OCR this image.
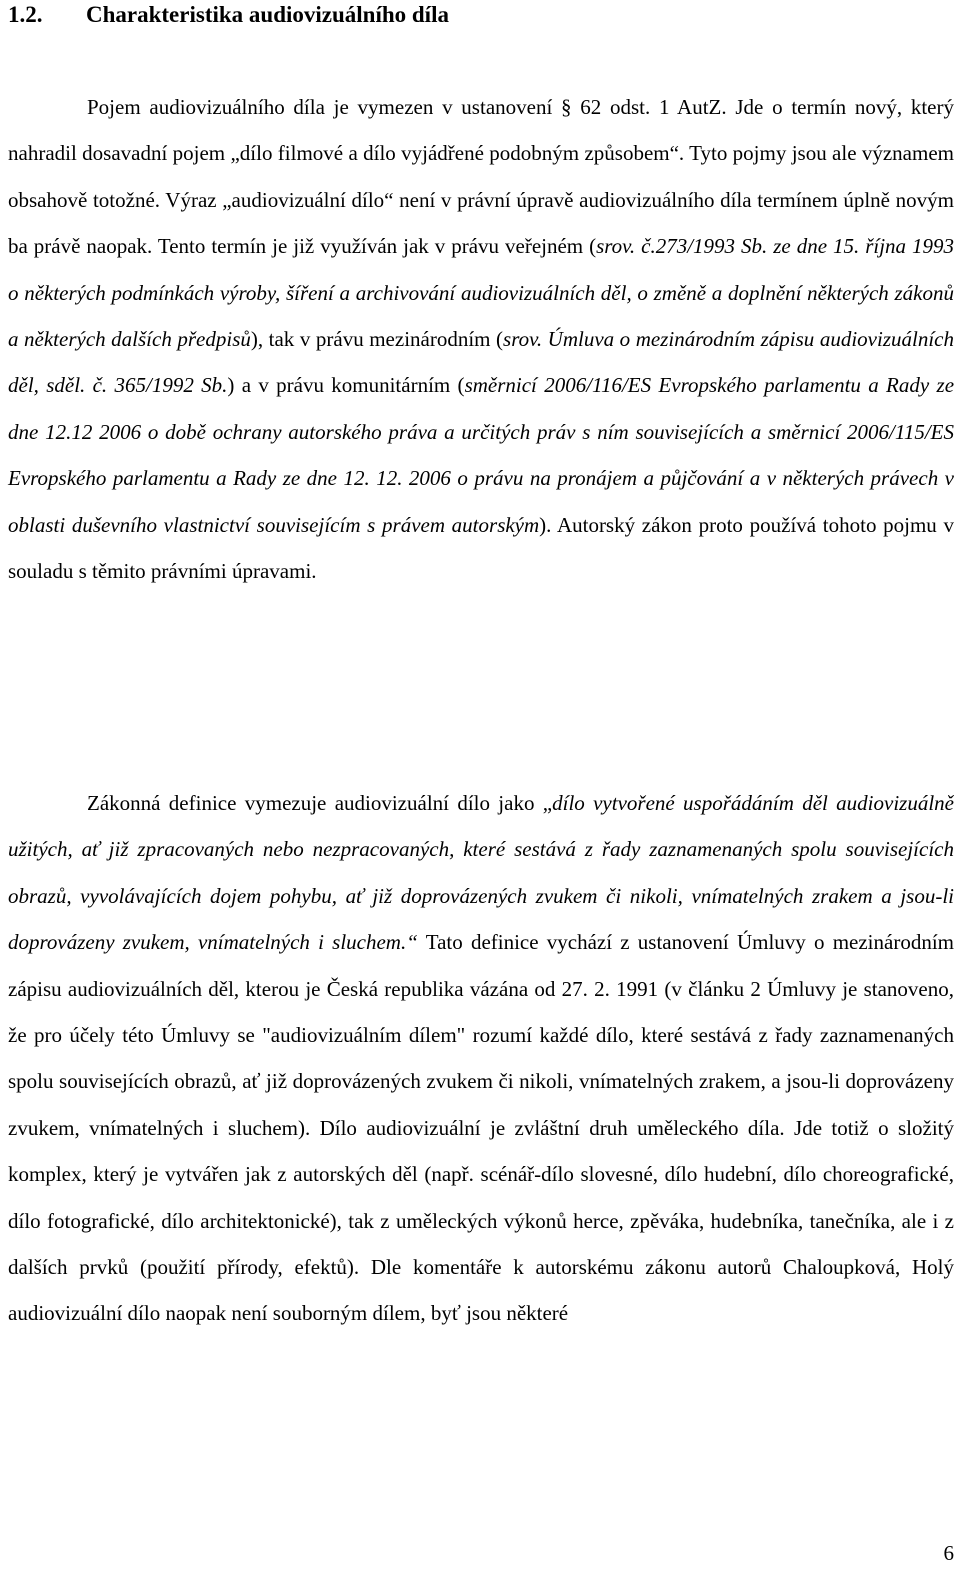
1.2. Charakteristika audiovizuálního díla

Pojem audiovizuálního díla je vymezen v ustanovení § 62 odst. 1 AutZ. Jde o termín nový, který nahradil dosavadní pojem „dílo filmové a dílo vyjádřené podobným způsobem“. Tyto pojmy jsou ale významem obsahově totožné. Výraz „audiovizuální dílo“ není v právní úpravě audiovizuálního díla termínem úplně novým ba právě naopak. Tento termín je již využíván jak v právu veřejném (srov. č.273/1993 Sb. ze dne 15. října 1993 o některých podmínkách výroby, šíření a archivování audiovizuálních děl, o změně a doplnění některých zákonů a některých dalších předpisů), tak v právu mezinárodním (srov. Úmluva o mezinárodním zápisu audiovizuálních děl, sděl. č. 365/1992 Sb.) a v právu komunitárním (směrnicí 2006/116/ES Evropského parlamentu a Rady ze dne 12.12 2006 o době ochrany autorského práva a určitých práv s ním souvisejících a směrnicí 2006/115/ES Evropského parlamentu a Rady ze dne 12. 12. 2006 o právu na pronájem a půjčování a v některých právech v oblasti duševního vlastnictví souvisejícím s právem autorským). Autorský zákon proto používá tohoto pojmu v souladu s těmito právními úpravami.

Zákonná definice vymezuje audiovizuální dílo jako „dílo vytvořené uspořádáním děl audiovizuálně užitých, ať již zpracovaných nebo nezpracovaných, které sestává z řady zaznamenaných spolu souvisejících obrazů, vyvolávajících dojem pohybu, ať již doprovázených zvukem či nikoli, vnímatelných zrakem a jsou-li doprovázeny zvukem, vnímatelných i sluchem.“ Tato definice vychází z ustanovení Úmluvy o mezinárodním zápisu audiovizuálních děl, kterou je Česká republika vázána od 27. 2. 1991 (v článku 2 Úmluvy je stanoveno, že pro účely této Úmluvy se "audiovizuálním dílem" rozumí každé dílo, které sestává z řady zaznamenaných spolu souvisejících obrazů, ať již doprovázených zvukem či nikoli, vnímatelných zrakem, a jsou-li doprovázeny zvukem, vnímatelných i sluchem). Dílo audiovizuální je zvláštní druh uměleckého díla. Jde totiž o složitý komplex, který je vytvářen jak z autorských děl (např. scénář-dílo slovesné, dílo hudební, dílo choreografické, dílo fotografické, dílo architektonické), tak z uměleckých výkonů herce, zpěváka, hudebníka, tanečníka, ale i z dalších prvků (použití přírody, efektů). Dle komentáře k autorskému zákonu autorů Chaloupková, Holý audiovizuální dílo naopak není souborným dílem, byť jsou některé

6
